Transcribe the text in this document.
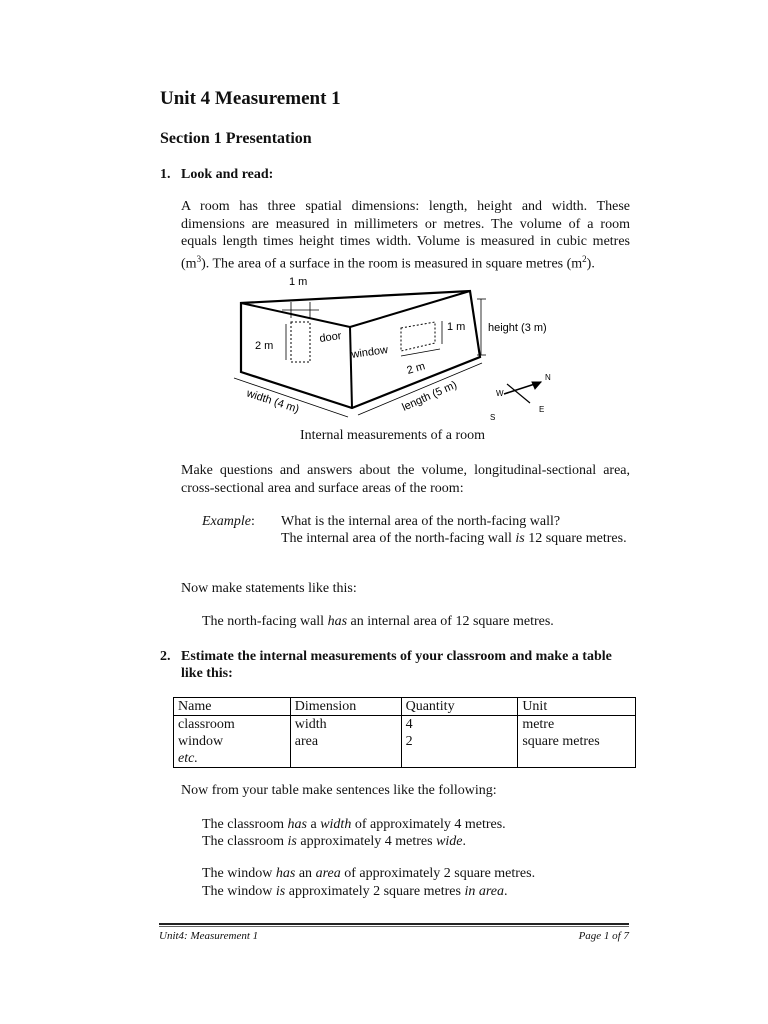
Unit 4 Measurement 1
Section 1 Presentation
1. Look and read:
A room has three spatial dimensions: length, height and width. These dimensions are measured in millimeters or metres. The volume of a room equals length times height times width. Volume is measured in cubic metres $(m^3)$. The area of a surface in the room is measured in square metres $(m^2)$.
1 m
2 m
door
window
1 m height (3 m)
2 m
width (4 m)	length (5 m)	W
N
S
E
Internal measurements of a room
Make questions and answers about the volume, longitudinal-sectional area, cross-sectional area and surface areas of the room:
Example: What is the internal area of the north-facing wall?
The internal area of the north-facing wall is 12 square metres.
Now make statements like this:
The north-facing wall has an internal area of 12 square metres.
2. Estimate the internal measurements of your classroom and make a table like this:
Name	Dimension	Quantity	Unit
classroom	width	4	metre
window	area	2	square metres
etc.			
Now from your table make sentences like the following:
The classroom has a width of approximately 4 metres.
The classroom is approximately 4 metres wide.
The window has an area of approximately 2 square metres.
The window is approximately 2 square metres in area.
Unit4: Measurement 1	Page 1 of 7
